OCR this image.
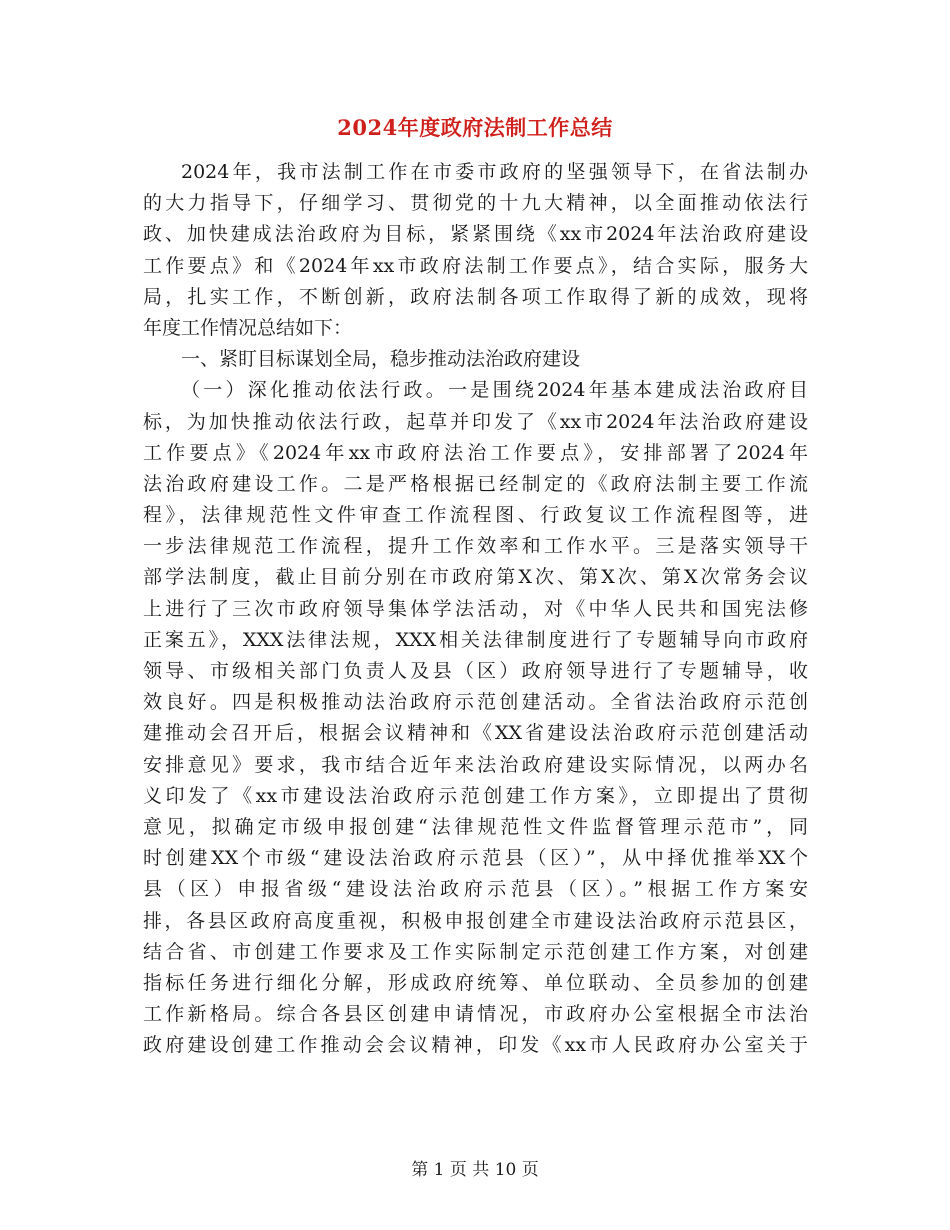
2024年度政府法制工作总结
2024年，我市法制工作在市委市政府的坚强领导下，在省法制办
的大力指导下，仔细学习、贯彻党的十九大精神，以全面推动依法行
政、加快建成法治政府为目标，紧紧围绕《xx市2024年法治政府建设
工作要点》和《2024年xx市政府法制工作要点》，结合实际，服务大
局，扎实工作，不断创新，政府法制各项工作取得了新的成效，现将
年度工作情况总结如下：
一、紧盯目标谋划全局，稳步推动法治政府建设
（一）深化推动依法行政。一是围绕2024年基本建成法治政府目
标，为加快推动依法行政，起草并印发了《xx市2024年法治政府建设
工作要点》《2024年xx市政府法治工作要点》，安排部署了2024年
法治政府建设工作。二是严格根据已经制定的《政府法制主要工作流
程》，法律规范性文件审查工作流程图、行政复议工作流程图等，进
一步法律规范工作流程，提升工作效率和工作水平。三是落实领导干
部学法制度，截止目前分别在市政府第X次、第X次、第X次常务会议
上进行了三次市政府领导集体学法活动，对《中华人民共和国宪法修
正案五》，XXX法律法规，XXX相关法律制度进行了专题辅导向市政府
领导、市级相关部门负责人及县（区）政府领导进行了专题辅导，收
效良好。四是积极推动法治政府示范创建活动。全省法治政府示范创
建推动会召开后，根据会议精神和《XX省建设法治政府示范创建活动
安排意见》要求，我市结合近年来法治政府建设实际情况，以两办名
义印发了《xx市建设法治政府示范创建工作方案》，立即提出了贯彻
意见，拟确定市级申报创建“法律规范性文件监督管理示范市”，同
时创建XX个市级“建设法治政府示范县（区）”，从中择优推举XX个
县（区）申报省级“建设法治政府示范县（区）。”根据工作方案安
排，各县区政府高度重视，积极申报创建全市建设法治政府示范县区，
结合省、市创建工作要求及工作实际制定示范创建工作方案，对创建
指标任务进行细化分解，形成政府统筹、单位联动、全员参加的创建
工作新格局。综合各县区创建申请情况，市政府办公室根据全市法治
政府建设创建工作推动会会议精神，印发《xx市人民政府办公室关于
第 1 页 共 10 页
